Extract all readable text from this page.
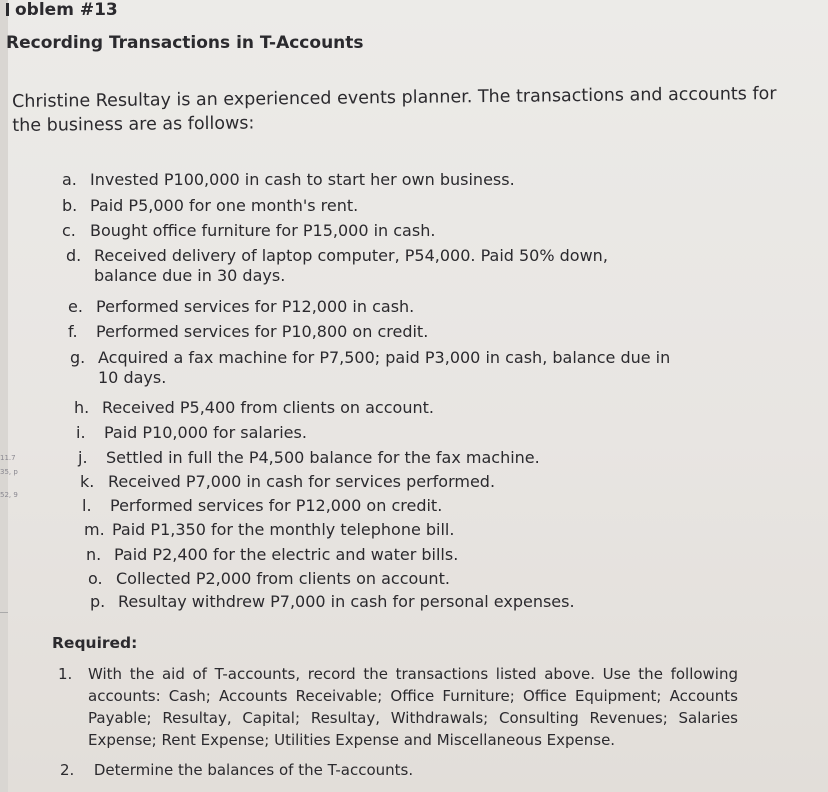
11.7
35, p
52, 9
oblem #13
Recording Transactions in T-Accounts
Christine Resultay is an experienced events planner. The transactions and accounts for the business are as follows:
a. Invested P100,000 in cash to start her own business.
b. Paid P5,000 for one month's rent.
c. Bought office furniture for P15,000 in cash.
d. Received delivery of laptop computer, P54,000. Paid 50% down,
balance due in 30 days.
e. Performed services for P12,000 in cash.
f. Performed services for P10,800 on credit.
g. Acquired a fax machine for P7,500; paid P3,000 in cash, balance due in
10 days.
h. Received P5,400 from clients on account.
i. Paid P10,000 for salaries.
j. Settled in full the P4,500 balance for the fax machine.
k. Received P7,000 in cash for services performed.
l. Performed services for P12,000 on credit.
m. Paid P1,350 for the monthly telephone bill.
n. Paid P2,400 for the electric and water bills.
o. Collected P2,000 from clients on account.
p. Resultay withdrew P7,000 in cash for personal expenses.
Required:
1. With the aid of T-accounts, record the transactions listed above. Use the following accounts: Cash; Accounts Receivable; Office Furniture; Office Equipment; Accounts Payable; Resultay, Capital; Resultay, Withdrawals; Consulting Revenues; Salaries Expense; Rent Expense; Utilities Expense and Miscellaneous Expense.
2. Determine the balances of the T-accounts.
